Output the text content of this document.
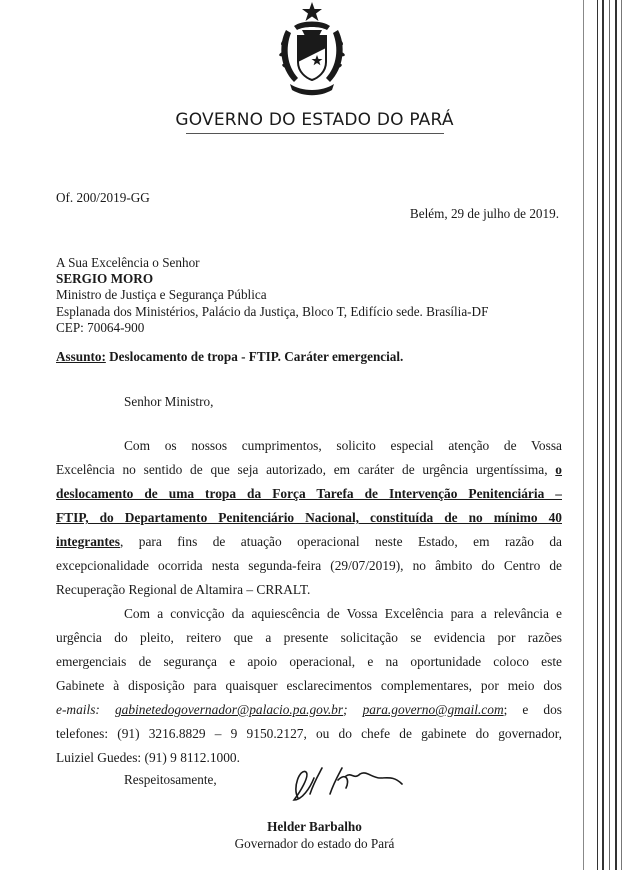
GOVERNO DO ESTADO DO PARÁ
Of. 200/2019-GG
Belém, 29 de julho de 2019.
A Sua Excelência o Senhor
SERGIO MORO
Ministro de Justiça e Segurança Pública
Esplanada dos Ministérios, Palácio da Justiça, Bloco T, Edifício sede. Brasília-DF
CEP: 70064-900
Assunto: Deslocamento de tropa - FTIP. Caráter emergencial.
Senhor Ministro,
Com os nossos cumprimentos, solicito especial atenção de Vossa
Excelência no sentido de que seja autorizado, em caráter de urgência urgentíssima, o
deslocamento de uma tropa da Força Tarefa de Intervenção Penitenciária –
FTIP, do Departamento Penitenciário Nacional, constituída de no mínimo 40
integrantes, para fins de atuação operacional neste Estado, em razão da
excepcionalidade ocorrida nesta segunda-feira (29/07/2019), no âmbito do Centro de
Recuperação Regional de Altamira – CRRALT.
Com a convicção da aquiescência de Vossa Excelência para a relevância e
urgência do pleito, reitero que a presente solicitação se evidencia por razões
emergenciais de segurança e apoio operacional, e na oportunidade coloco este
Gabinete à disposição para quaisquer esclarecimentos complementares, por meio dos
e-mails: gabinetedogovernador@palacio.pa.gov.br; para.governo@gmail.com; e dos
telefones: (91) 3216.8829 – 9 9150.2127, ou do chefe de gabinete do governador,
Luiziel Guedes: (91) 9 8112.1000.
Respeitosamente,
Helder Barbalho
Governador do estado do Pará
